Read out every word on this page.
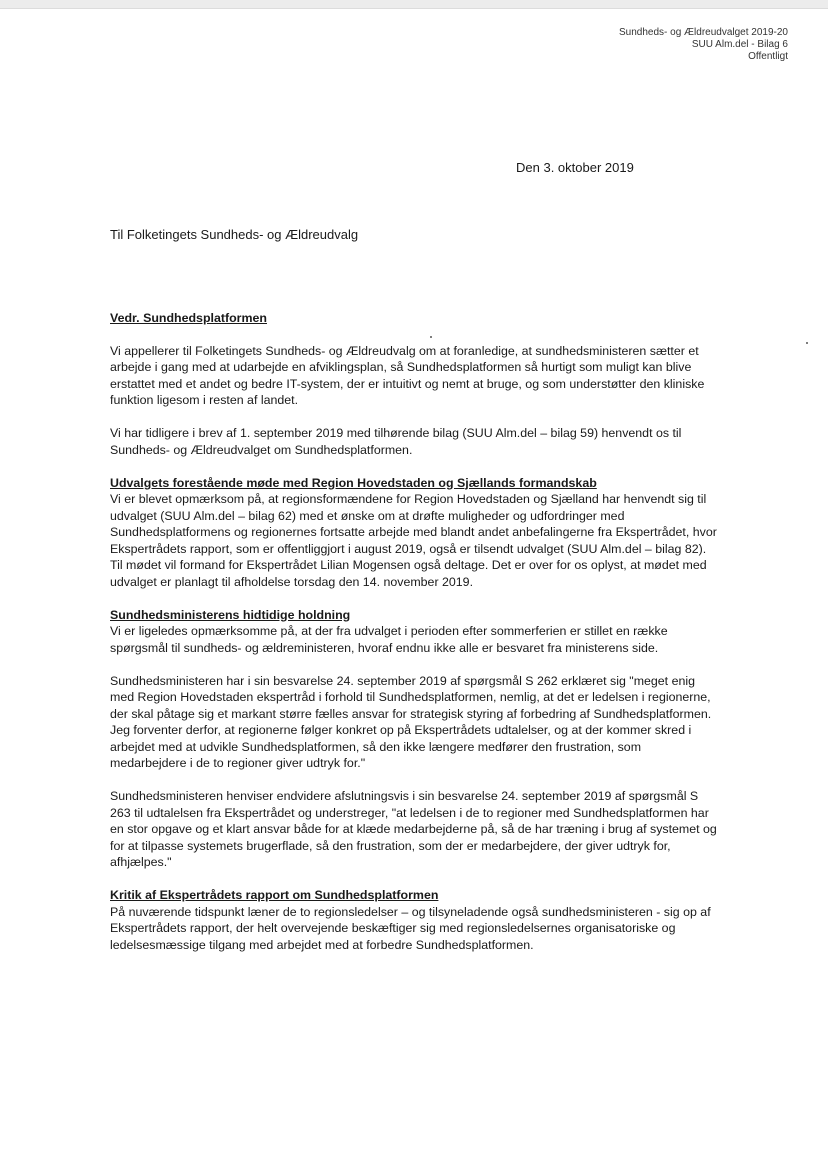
Sundheds- og Ældreudvalget 2019-20
SUU Alm.del - Bilag 6
Offentligt
Den 3. oktober 2019
Til Folketingets Sundheds- og Ældreudvalg
Vedr. Sundhedsplatformen

Vi appellerer til Folketingets Sundheds- og Ældreudvalg om at foranledige, at sundhedsministeren sætter et arbejde i gang med at udarbejde en afviklingsplan, så Sundhedsplatformen så hurtigt som muligt kan blive erstattet med et andet og bedre IT-system, der er intuitivt og nemt at bruge, og som understøtter den kliniske funktion ligesom i resten af landet.

Vi har tidligere i brev af 1. september 2019 med tilhørende bilag (SUU Alm.del – bilag 59) henvendt os til Sundheds- og Ældreudvalget om Sundhedsplatformen.

Udvalgets forestående møde med Region Hovedstaden og Sjællands formandskab

Vi er blevet opmærksom på, at regionsformændene for Region Hovedstaden og Sjælland har henvendt sig til udvalget (SUU Alm.del – bilag 62) med et ønske om at drøfte muligheder og udfordringer med Sundhedsplatformens og regionernes fortsatte arbejde med blandt andet anbefalingerne fra Ekspertrådet, hvor Ekspertrådets rapport, som er offentliggjort i august 2019, også er tilsendt udvalget (SUU Alm.del – bilag 82). Til mødet vil formand for Ekspertrådet Lilian Mogensen også deltage. Det er over for os oplyst, at mødet med udvalget er planlagt til afholdelse torsdag den 14. november 2019.

Sundhedsministerens hidtidige holdning

Vi er ligeledes opmærksomme på, at der fra udvalget i perioden efter sommerferien er stillet en række spørgsmål til sundheds- og ældreministeren, hvoraf endnu ikke alle er besvaret fra ministerens side.

Sundhedsministeren har i sin besvarelse 24. september 2019 af spørgsmål S 262 erklæret sig "meget enig med Region Hovedstaden ekspertråd i forhold til Sundhedsplatformen, nemlig, at det er ledelsen i regionerne, der skal påtage sig et markant større fælles ansvar for strategisk styring af forbedring af Sundhedsplatformen. Jeg forventer derfor, at regionerne følger konkret op på Ekspertrådets udtalelser, og at der kommer skred i arbejdet med at udvikle Sundhedsplatformen, så den ikke længere medfører den frustration, som medarbejdere i de to regioner giver udtryk for."

Sundhedsministeren henviser endvidere afslutningsvis i sin besvarelse 24. september 2019 af spørgsmål S 263 til udtalelsen fra Ekspertrådet og understreger, "at ledelsen i de to regioner med Sundhedsplatformen har en stor opgave og et klart ansvar både for at klæde medarbejderne på, så de har træning i brug af systemet og for at tilpasse systemets brugerflade, så den frustration, som der er medarbejdere, der giver udtryk for, afhjælpes."

Kritik af Ekspertrådets rapport om Sundhedsplatformen

På nuværende tidspunkt læner de to regionsledelser – og tilsyneladende også sundhedsministeren - sig op af Ekspertrådets rapport, der helt overvejende beskæftiger sig med regionsledelsernes organisatoriske og ledelsesmæssige tilgang med arbejdet med at forbedre Sundhedsplatformen.
